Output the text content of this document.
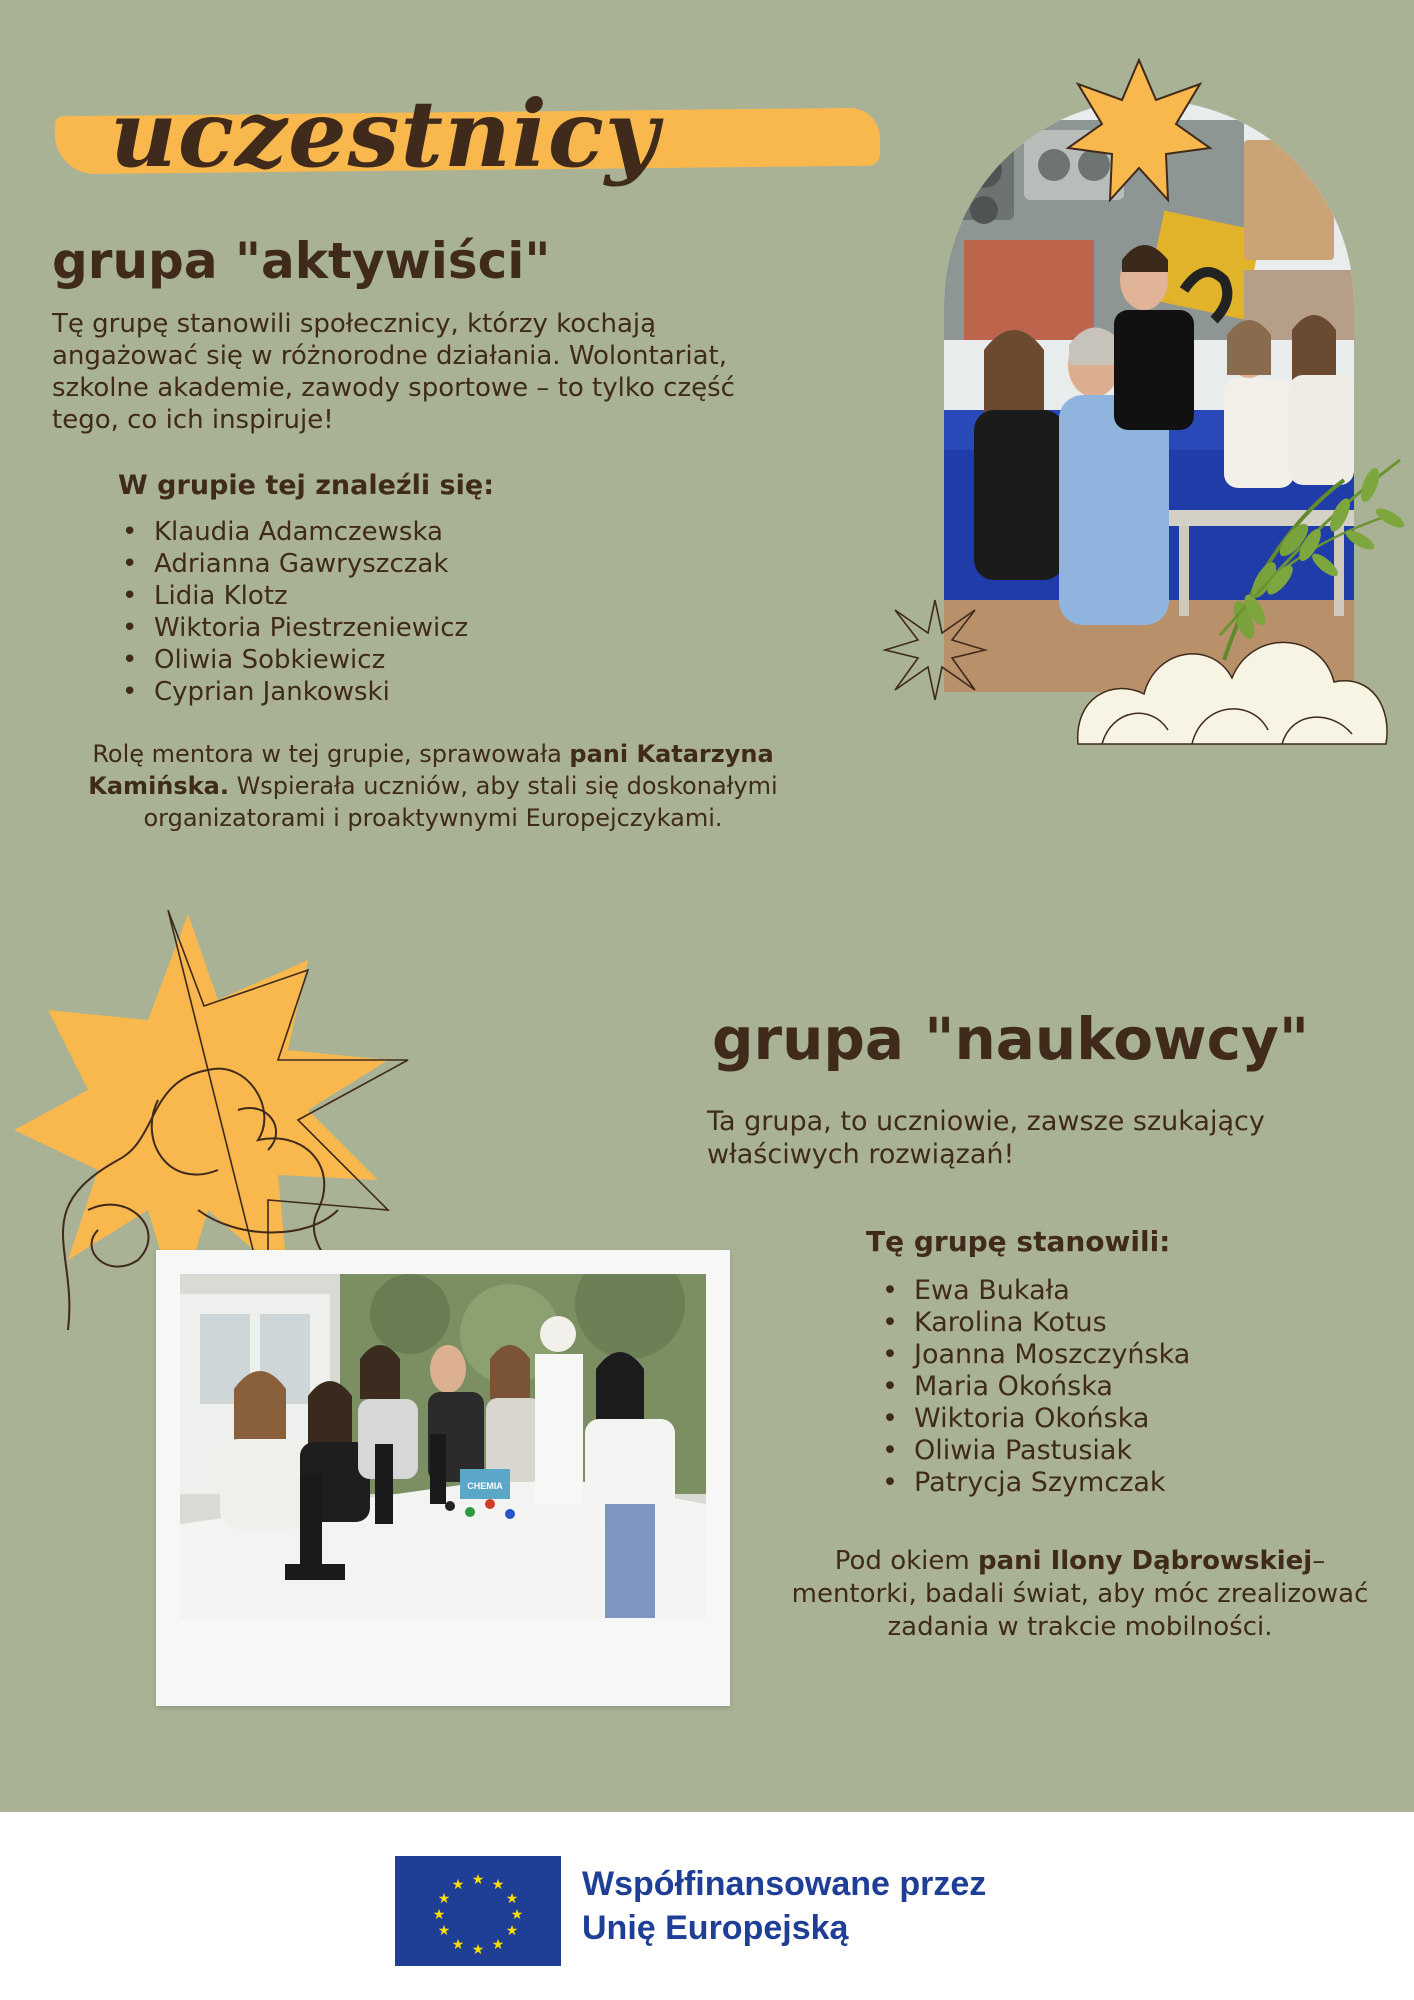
uczestnicy
grupa "aktywiści"
Tę grupę stanowili społecznicy, którzy kochają angażować się w różnorodne działania. Wolontariat, szkolne akademie, zawody sportowe – to tylko część tego, co ich inspiruje!
W grupie tej znaleźli się:
• Klaudia Adamczewska
• Adrianna Gawryszczak
• Lidia Klotz
• Wiktoria Piestrzeniewicz
• Oliwia Sobkiewicz
• Cyprian Jankowski
Rolę mentora w tej grupie, sprawowała pani Katarzyna Kamińska. Wspierała uczniów, aby stali się doskonałymi organizatorami i proaktywnymi Europejczykami.
grupa "naukowcy"
Ta grupa, to uczniowie, zawsze szukający właściwych rozwiązań!
Tę grupę stanowili:
• Ewa Bukała
• Karolina Kotus
• Joanna Moszczyńska
• Maria Okońska
• Wiktoria Okońska
• Oliwia Pastusiak
• Patrycja Szymczak
Pod okiem pani Ilony Dąbrowskiej– mentorki, badali świat, aby móc zrealizować zadania w trakcie mobilności.
CHEMIA
★ ★
★
★
★
★
★
★
★
★
★
★	Współfinansowane przez
Unię Europejską
